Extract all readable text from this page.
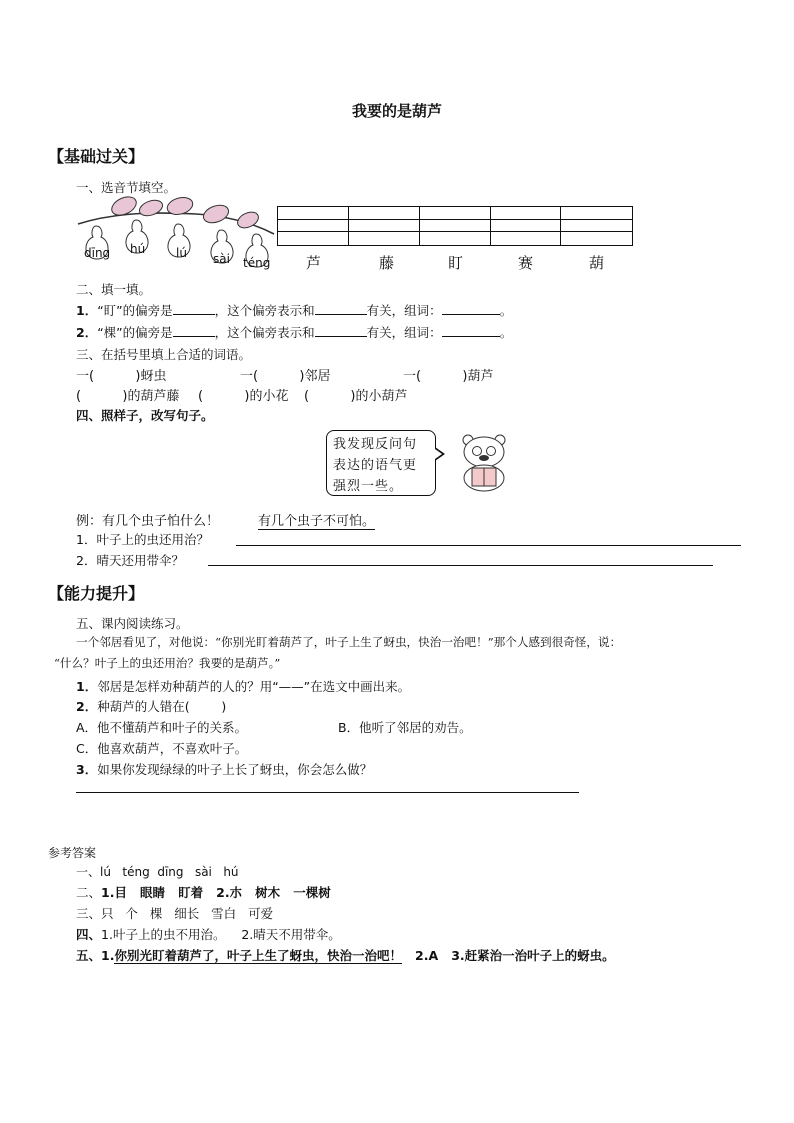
我要的是葫芦
【基础过关】
一、选音节填空。
dīng hú	lú sài téng 芦	藤	盯	赛	葫
二、填一填。
1．“盯”的偏旁是	，这个偏旁表示和	有关，组词：	。
2．“棵”的偏旁是	，这个偏旁表示和	有关，组词：	。
三、在括号里填上合适的词语。
一(          )蚜虫	一(          )邻居	一(          )葫芦
(          )的葫芦藤 (          )的小花 (          )的小葫芦
四、照样子，改写句子。
我发现反问句表达的语气更强烈一些。
例：有几个虫子怕什么！	有几个虫子不可怕。
1．叶子上的虫还用治？
2．晴天还用带伞？
【能力提升】
五、课内阅读练习。
一个邻居看见了，对他说：“你别光盯着葫芦了，叶子上生了蚜虫，快治一治吧！”那个人感到很奇怪，说：
“什么？叶子上的虫还用治？我要的是葫芦。”
1．邻居是怎样劝种葫芦的人的？用“——”在选文中画出来。
2．种葫芦的人错在(        )
A．他不懂葫芦和叶子的关系。	B．他听了邻居的劝告。
C．他喜欢葫芦，不喜欢叶子。
3．如果你发现绿绿的叶子上长了蚜虫，你会怎么做？
参考答案
一、lú   téng  dīng   sài   hú
二、1.目   眼睛   盯着   2.朩   树木   一棵树
三、只   个   棵   细长   雪白   可爱
四、1.叶子上的虫不用治。    2.晴天不用带伞。
五、1.你别光盯着葫芦了，叶子上生了蚜虫，快治一治吧！   2.A   3.赶紧治一治叶子上的蚜虫。
